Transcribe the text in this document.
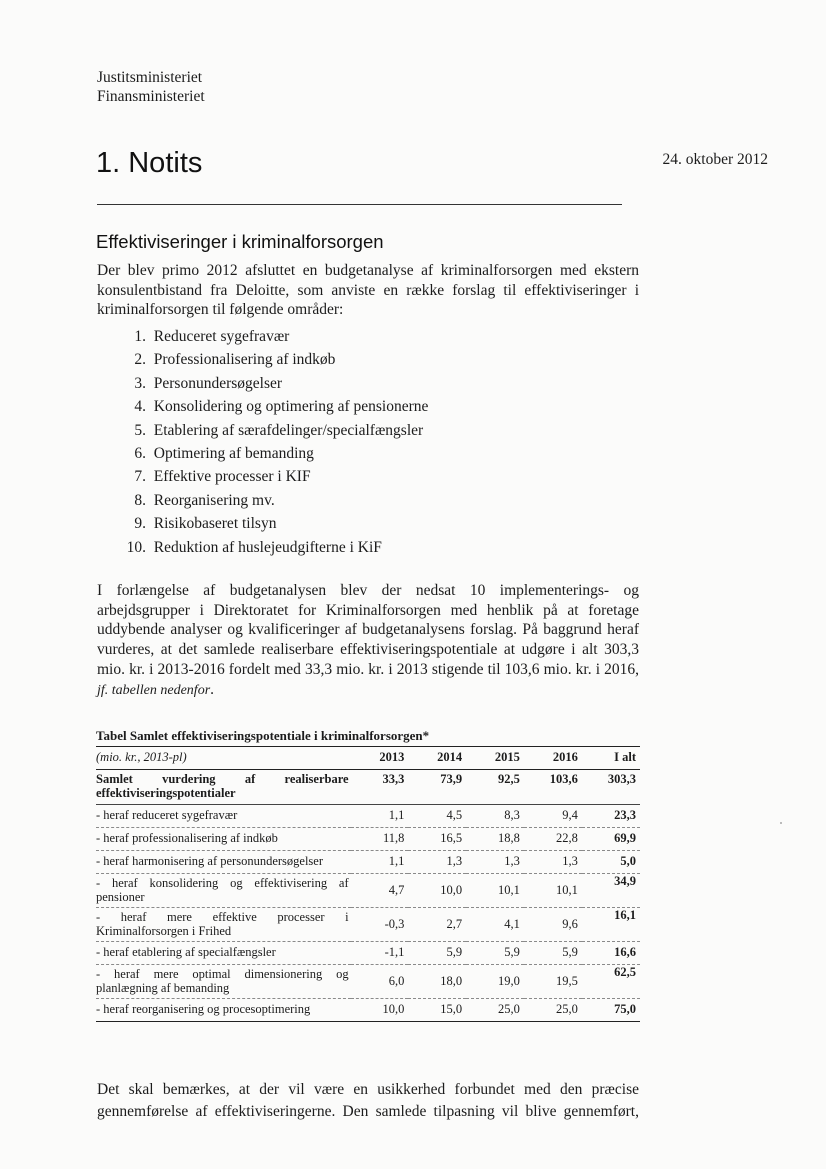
Justitsministeriet
Finansministeriet
1. Notits	24. oktober 2012
Effektiviseringer i kriminalforsorgen

Der blev primo 2012 afsluttet en budgetanalyse af kriminalforsorgen med ekstern konsulentbistand fra Deloitte, som anviste en række forslag til effektiviseringer i kriminalforsorgen til følgende områder:

1.
Reduceret sygefravær
2.
Professionalisering af indkøb
3.
Personundersøgelser
4.
Konsolidering og optimering af pensionerne
5.
Etablering af særafdelinger/specialfængsler
6.
Optimering af bemanding
7.
Effektive processer i KIF
8.
Reorganisering mv.
9.
Risikobaseret tilsyn
10.
Reduktion af huslejeudgifterne i KiF

I forlængelse af budgetanalysen blev der nedsat 10 implementerings- og arbejdsgrupper i Direktoratet for Kriminalforsorgen med henblik på at foretage uddybende analyser og kvalificeringer af budgetanalysens forslag. På baggrund heraf vurderes, at det samlede realiserbare effektiviseringspotentiale at udgøre i alt 303,3 mio. kr. i 2013-2016 fordelt med 33,3 mio. kr. i 2013 stigende til 103,6 mio. kr. i 2016, jf. tabellen nedenfor.

Tabel Samlet effektiviseringspotentiale i kriminalforsorgen*
(mio. kr., 2013-pl)	2013	2014	2015	2016	I alt
Samlet vurdering af realiserbare effektiviseringspotentialer	33,3	73,9	92,5	103,6	303,3
- heraf reduceret sygefravær	1,1	4,5	8,3	9,4	23,3
- heraf professionalisering af indkøb	11,8	16,5	18,8	22,8	69,9
- heraf harmonisering af personundersøgelser	1,1	1,3	1,3	1,3	5,0
- heraf konsolidering og effektivisering af pensioner	4,7	10,0	10,1	10,1	34,9
- heraf mere effektive processer i Kriminalforsorgen i Frihed	-0,3	2,7	4,1	9,6	16,1
- heraf etablering af specialfængsler	-1,1	5,9	5,9	5,9	16,6
- heraf mere optimal dimensionering og planlægning af bemanding	6,0	18,0	19,0	19,5	62,5
- heraf reorganisering og procesoptimering	10,0	15,0	25,0	25,0	75,0

Det skal bemærkes, at der vil være en usikkerhed forbundet med den præcise gennemførelse af effektiviseringerne. Den samlede tilpasning vil blive gennemført,
